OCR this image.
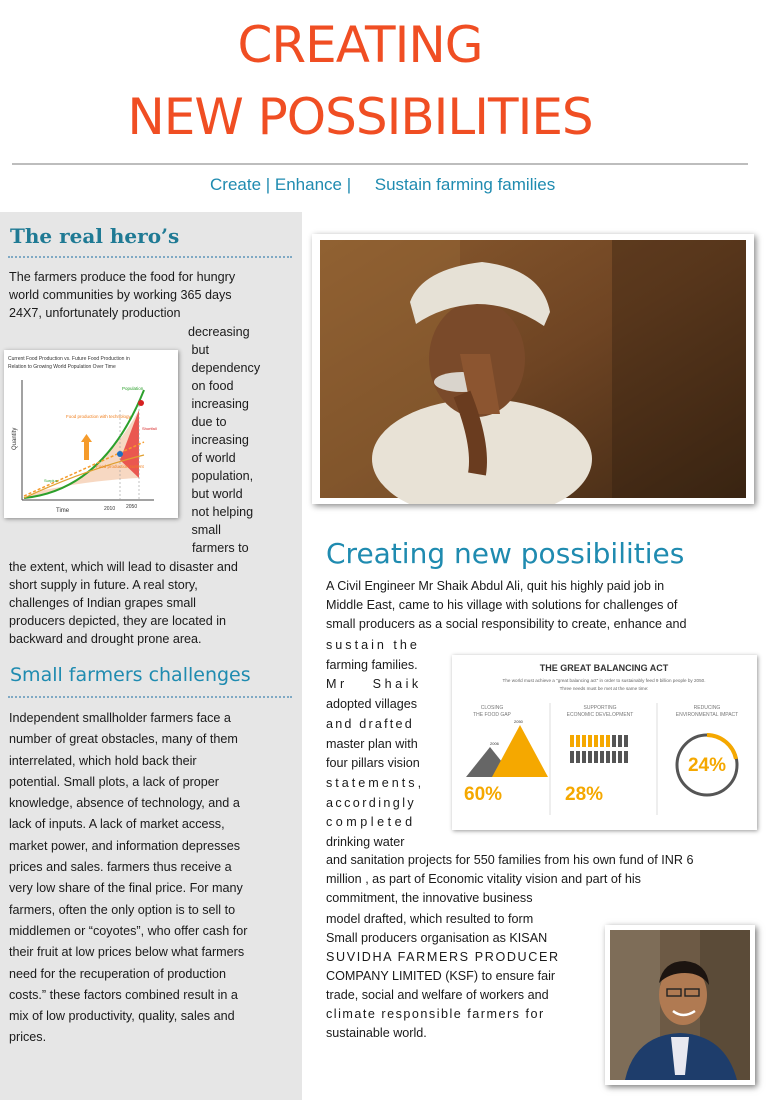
CREATING
NEW POSSIBILITIES
Create | Enhance |     Sustain farming families
The real hero’s
The farmers produce the food for hungry
world communities by working 365 days
24X7, unfortunately production
decreasing
but
dependency
on food
increasing
due to
increasing
of world
population,
but world
not helping
small
farmers to
Current Food Production vs. Future Food Production in
Relation to Growing World Population Over Time
Quantity
Time	2010 2050
Population
Food production with technology
Food production current
Shortfall
Surplus
the extent, which will lead to disaster and
short supply in future. A real story,
challenges of Indian grapes small
producers depicted, they are located in
backward and drought prone area.
Small farmers challenges
Independent smallholder farmers face a
number of great obstacles, many of them
interrelated, which hold back their
potential. Small plots, a lack of proper
knowledge, absence of technology, and a
lack of inputs. A lack of market access,
market power, and information depresses
prices and sales. farmers thus receive a
very low share of the final price. For many
farmers, often the only option is to sell to
middlemen or “coyotes”, who offer cash for
their fruit at low prices below what farmers
need for the recuperation of production
costs.” these factors combined result in a
mix of low productivity, quality, sales and
prices.
Creating new possibilities
A Civil Engineer Mr Shaik Abdul Ali, quit his highly paid job in
Middle East, came to his village with solutions for challenges of
small producers as a social responsibility to create, enhance and
sustain the
farming families.
Mr Shaik
adopted villages
and drafted
master plan with
four pillars vision
statements,
accordingly
completed
drinking water
THE GREAT BALANCING ACT
The world must achieve a "great balancing act" in order to sustainably feed 9 billion people by 2050.
Three needs must be met at the same time:
CLOSING
THE FOOD GAP
SUPPORTING
ECONOMIC DEVELOPMENT
REDUCING
ENVIRONMENTAL IMPACT
2006
2050
60%	28%
24%
and sanitation projects for 550 families from his own fund of INR 6
million , as part of Economic vitality vision and part of his
commitment, the innovative business
model drafted, which resulted to form
Small producers organisation as KISAN
SUVIDHA FARMERS PRODUCER
COMPANY LIMITED (KSF) to ensure fair
trade, social and welfare of workers and
climate responsible farmers for
sustainable world.
